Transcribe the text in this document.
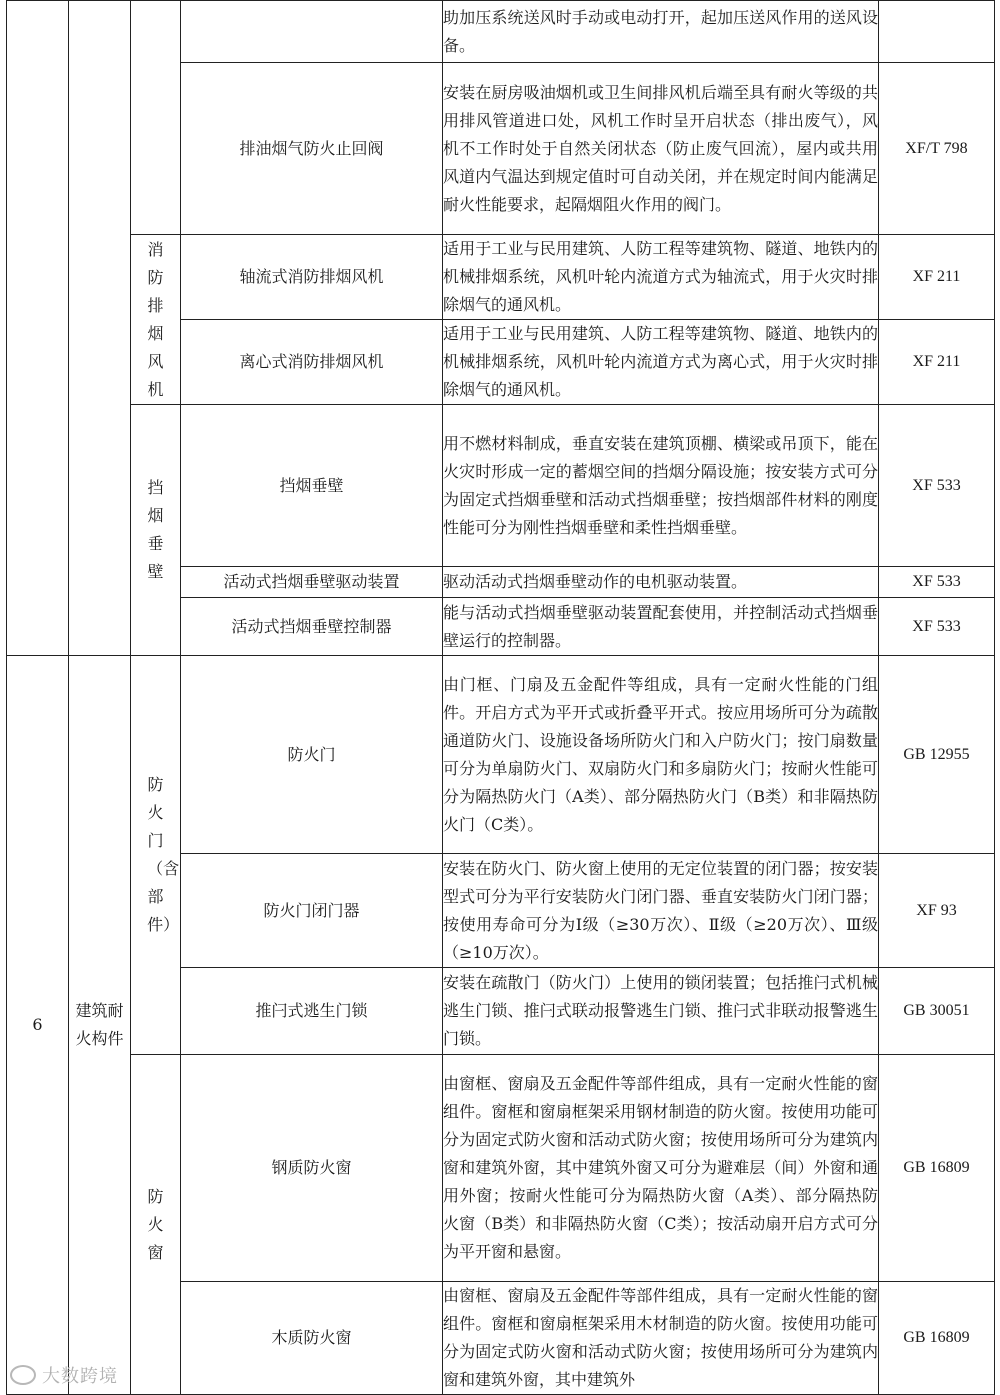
				助加压系统送风时手动或电动打开，起加压送风作用的送风设备。	
			排油烟气防火止回阀	安装在厨房吸油烟机或卫生间排风机后端至具有耐火等级的共用排风管道进口处，风机工作时呈开启状态（排出废气），风机不工作时处于自然关闭状态（防止废气回流），屋内或共用风道内气温达到规定值时可自动关闭，并在规定时间内能满足耐火性能要求，起隔烟阻火作用的阀门。	XF/T 798

		消防排烟风机	轴流式消防排烟风机	适用于工业与民用建筑、人防工程等建筑物、隧道、地铁内的机械排烟系统，风机叶轮内流道方式为轴流式，用于火灾时排除烟气的通风机。	XF 211
			离心式消防排烟风机	适用于工业与民用建筑、人防工程等建筑物、隧道、地铁内的机械排烟系统，风机叶轮内流道方式为离心式，用于火灾时排除烟气的通风机。	XF 211

		挡烟垂壁	挡烟垂壁	用不燃材料制成，垂直安装在建筑顶棚、横梁或吊顶下，能在火灾时形成一定的蓄烟空间的挡烟分隔设施；按安装方式可分为固定式挡烟垂壁和活动式挡烟垂壁；按挡烟部件材料的刚度性能可分为刚性挡烟垂壁和柔性挡烟垂壁。	XF 533
			活动式挡烟垂壁驱动装置	驱动活动式挡烟垂壁动作的电机驱动装置。	XF 533
			活动式挡烟垂壁控制器	能与活动式挡烟垂壁驱动装置配套使用，并控制活动式挡烟垂壁运行的控制器。	XF 533
6	建筑耐火构件	防火门（含部件）	防火门	由门框、门扇及五金配件等组成，具有一定耐火性能的门组件。开启方式为平开式或折叠平开式。按应用场所可分为疏散通道防火门、设施设备场所防火门和入户防火门；按门扇数量可分为单扇防火门、双扇防火门和多扇防火门；按耐火性能可分为隔热防火门（A类）、部分隔热防火门（B类）和非隔热防火门（C类）。	GB 12955
			防火门闭门器	安装在防火门、防火窗上使用的无定位装置的闭门器；按安装型式可分为平行安装防火门闭门器、垂直安装防火门闭门器；按使用寿命可分为Ⅰ级（≥30万次）、Ⅱ级（≥20万次）、Ⅲ级（≥10万次）。	XF 93
			推闩式逃生门锁	安装在疏散门（防火门）上使用的锁闭装置；包括推闩式机械逃生门锁、推闩式联动报警逃生门锁、推闩式非联动报警逃生门锁。	GB 30051

		防火窗	钢质防火窗	由窗框、窗扇及五金配件等部件组成，具有一定耐火性能的窗组件。窗框和窗扇框架采用钢材制造的防火窗。按使用功能可分为固定式防火窗和活动式防火窗；按使用场所可分为建筑内窗和建筑外窗，其中建筑外窗又可分为避难层（间）外窗和通用外窗；按耐火性能可分为隔热防火窗（A类）、部分隔热防火窗（B类）和非隔热防火窗（C类）；按活动扇开启方式可分为平开窗和悬窗。	GB 16809
			木质防火窗	由窗框、窗扇及五金配件等部件组成，具有一定耐火性能的窗组件。窗框和窗扇框架采用木材制造的防火窗。按使用功能可分为固定式防火窗和活动式防火窗；按使用场所可分为建筑内窗和建筑外窗，其中建筑外	GB 16809
大数跨境
